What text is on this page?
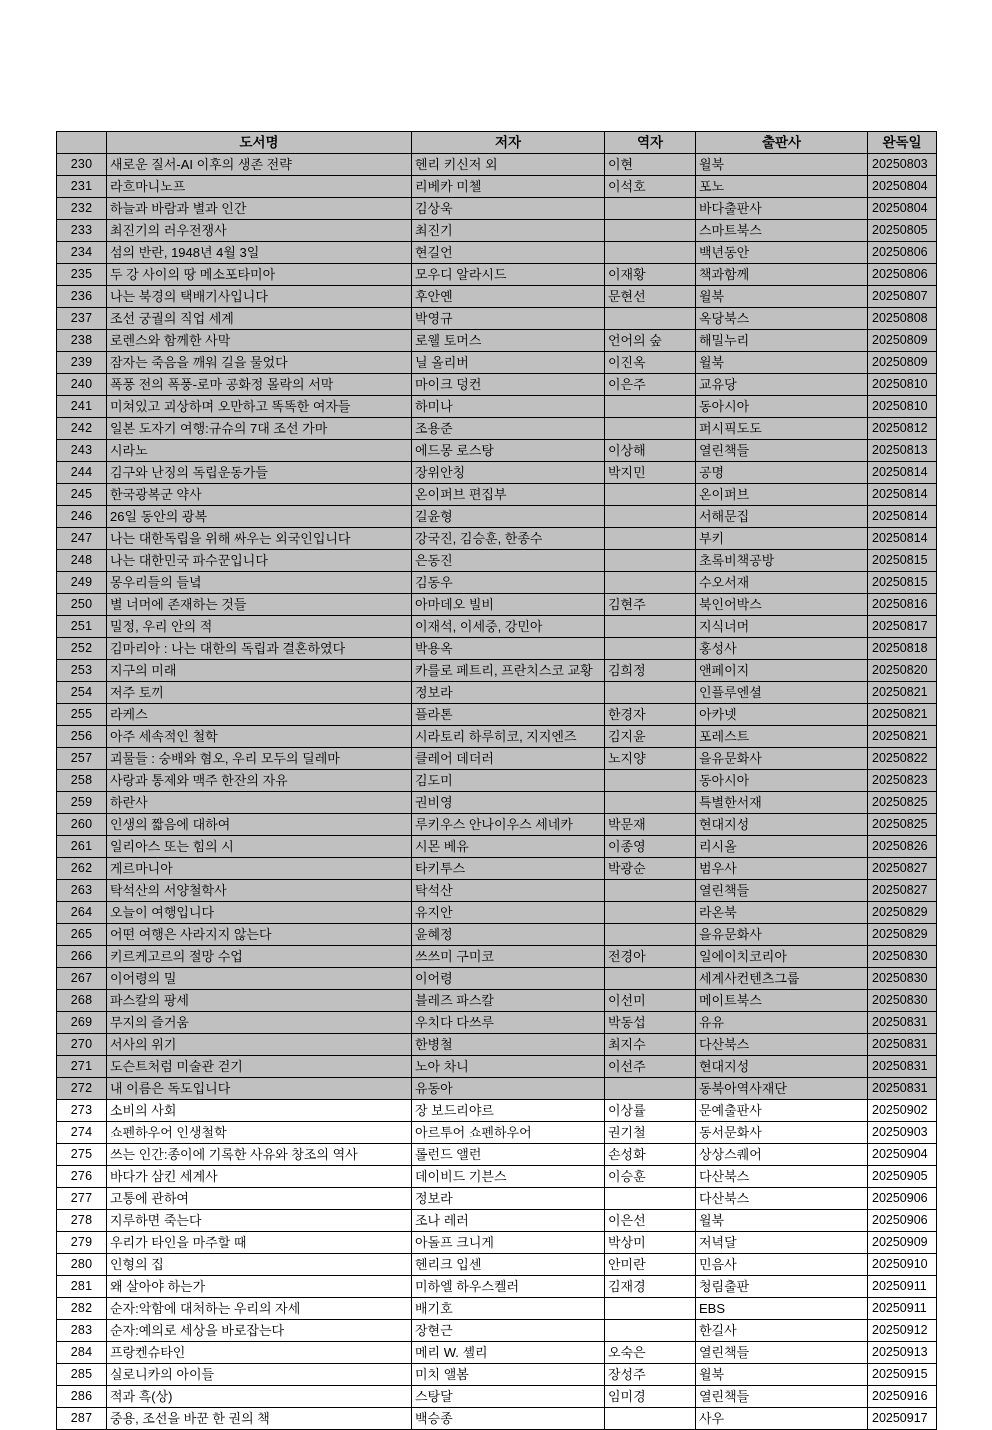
	도서명	저자	역자	출판사	완독일
230	새로운 질서-AI 이후의 생존 전략	헨리 키신저 외	이현	윌북	20250803
231	라흐마니노프	리베카 미첼	이석호	포노	20250804
232	하늘과 바람과 별과 인간	김상욱		바다출판사	20250804
233	최진기의 러우전쟁사	최진기		스마트북스	20250805
234	섬의 반란, 1948년 4월 3일	현길언		백년동안	20250806
235	두 강 사이의 땅 메소포타미아	모우디 알라시드	이재황	책과함께	20250806
236	나는 북경의 택배기사입니다	후안옌	문현선	윌북	20250807
237	조선 궁궐의 직업 세계	박영규		옥당북스	20250808
238	로렌스와 함께한 사막	로웰 토머스	언어의 숲	해밀누리	20250809
239	잠자는 죽음을 깨워 길을 물었다	닐 올리버	이진옥	윌북	20250809
240	폭풍 전의 폭풍-로마 공화정 몰락의 서막	마이크 덩컨	이은주	교유당	20250810
241	미쳐있고 괴상하며 오만하고 똑똑한 여자들	하미나		동아시아	20250810
242	일본 도자기 여행:규슈의 7대 조선 가마	조용준		퍼시픽도도	20250812
243	시라노	에드몽 로스탕	이상해	열린책들	20250813
244	김구와 난징의 독립운동가들	장위안칭	박지민	공명	20250814
245	한국광복군 약사	온이퍼브 편집부		온이퍼브	20250814
246	26일 동안의 광복	길윤형		서해문집	20250814
247	나는 대한독립을 위해 싸우는 외국인입니다	강국진, 김승훈, 한종수		부키	20250814
248	나는 대한민국 파수꾼입니다	은동진		초록비책공방	20250815
249	몽우리들의 들녘	김동우		수오서재	20250815
250	별 너머에 존재하는 것들	아마데오 빌비	김현주	북인어박스	20250816
251	밀정, 우리 안의 적	이재석, 이세중, 강민아		지식너머	20250817
252	김마리아 : 나는 대한의 독립과 결혼하였다	박용옥		홍성사	20250818
253	지구의 미래	카를로 페트리, 프란치스코 교황	김희정	앤페이지	20250820
254	저주 토끼	정보라		인플루엔셜	20250821
255	라케스	플라톤	한경자	아카넷	20250821
256	아주 세속적인 철학	시라토리 하루히코, 지지엔즈	김지윤	포레스트	20250821
257	괴물들 : 숭배와 혐오, 우리 모두의 딜레마	클레어 데더러	노지양	을유문화사	20250822
258	사랑과 통제와 맥주 한잔의 자유	김도미		동아시아	20250823
259	하란사	권비영		특별한서재	20250825
260	인생의 짧음에 대하여	루키우스 안나이우스 세네카	박문재	현대지성	20250825
261	일리아스 또는 힘의 시	시몬 베유	이종영	리시올	20250826
262	게르마니아	타키투스	박광순	범우사	20250827
263	탁석산의 서양철학사	탁석산		열린책들	20250827
264	오늘이 여행입니다	유지안		라온북	20250829
265	어떤 여행은 사라지지 않는다	윤혜정		을유문화사	20250829
266	키르케고르의 절망 수업	쓰쓰미 구미코	전경아	일에이치코리아	20250830
267	이어령의 밀	이어령		세계사컨텐츠그룹	20250830
268	파스칼의 팡세	블레즈 파스칼	이선미	메이트북스	20250830
269	무지의 즐거움	우치다 다쓰루	박동섭	유유	20250831
270	서사의 위기	한병철	최지수	다산북스	20250831
271	도슨트처럼 미술관 걷기	노아 차니	이선주	현대지성	20250831
272	내 이름은 독도입니다	유동아		동북아역사재단	20250831
273	소비의 사회	장 보드리야르	이상률	문예출판사	20250902
274	쇼펜하우어 인생철학	아르투어 쇼펜하우어	권기철	동서문화사	20250903
275	쓰는 인간:종이에 기록한 사유와 창조의 역사	롤런드 앨런	손성화	상상스퀘어	20250904
276	바다가 삼킨 세계사	데이비드 기븐스	이승훈	다산북스	20250905
277	고통에 관하여	정보라		다산북스	20250906
278	지루하면 죽는다	조나 레러	이은선	윌북	20250906
279	우리가 타인을 마주할 때	아돌프 크니게	박상미	저녁달	20250909
280	인형의 집	헨리크 입센	안미란	민음사	20250910
281	왜 살아야 하는가	미하엘 하우스켈러	김재경	청림출판	20250911
282	순자:악함에 대처하는 우리의 자세	배기호		EBS	20250911
283	순자:예의로 세상을 바로잡는다	장현근		한길사	20250912
284	프랑켄슈타인	메리 W. 셸리	오숙은	열린책들	20250913
285	실로니카의 아이들	미치 앨봄	장성주	윌북	20250915
286	적과 흑(상)	스탕달	임미경	열린책들	20250916
287	중용, 조선을 바꾼 한 권의 책	백승종		사우	20250917
